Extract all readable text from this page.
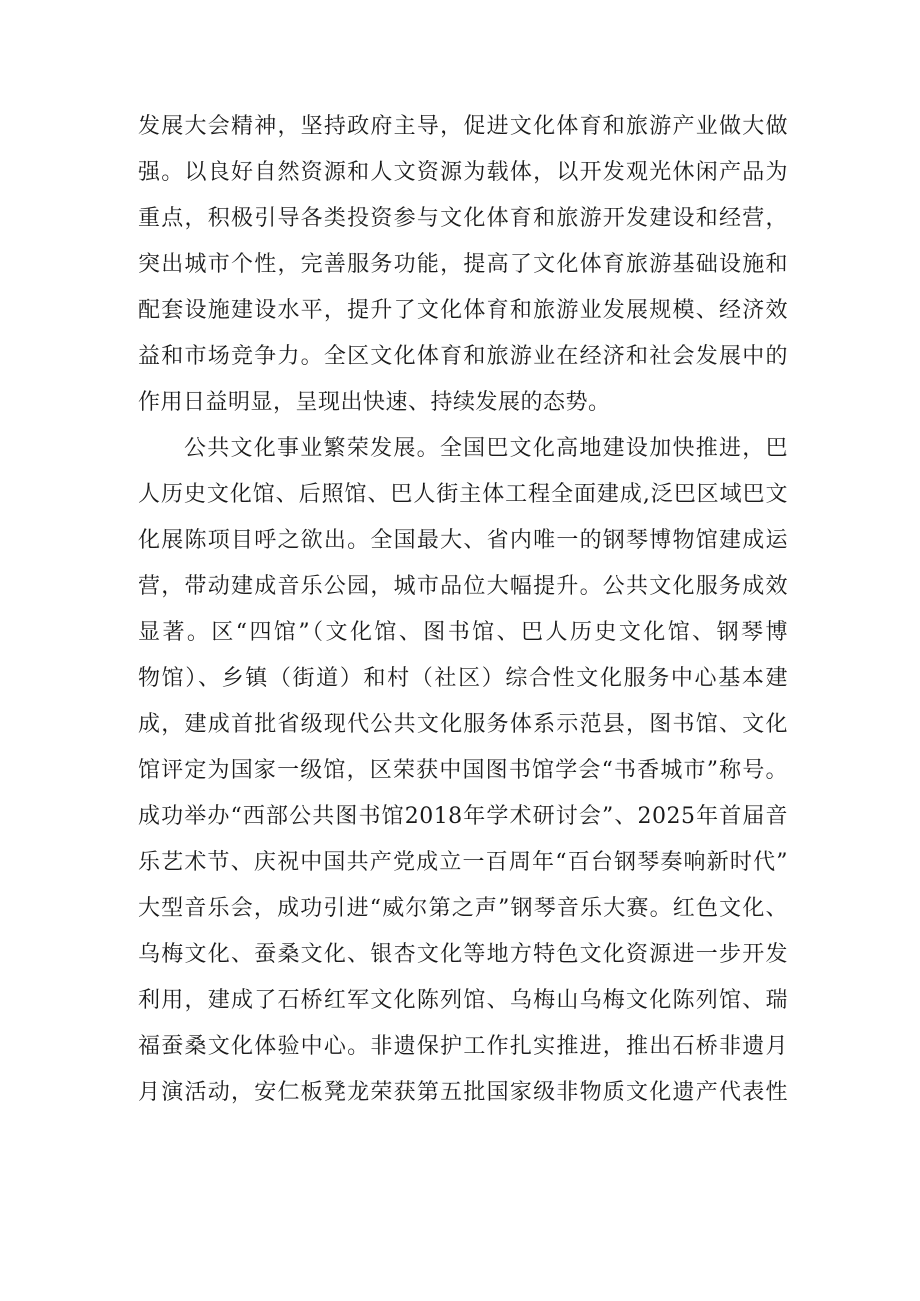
发展大会精神，坚持政府主导，促进文化体育和旅游产业做大做
强。以良好自然资源和人文资源为载体，以开发观光休闲产品为
重点，积极引导各类投资参与文化体育和旅游开发建设和经营，
突出城市个性，完善服务功能，提高了文化体育旅游基础设施和
配套设施建设水平，提升了文化体育和旅游业发展规模、经济效
益和市场竞争力。全区文化体育和旅游业在经济和社会发展中的
作用日益明显，呈现出快速、持续发展的态势。
公共文化事业繁荣发展。全国巴文化高地建设加快推进，巴
人历史文化馆、后照馆、巴人街主体工程全面建成,泛巴区域巴文
化展陈项目呼之欲出。全国最大、省内唯一的钢琴博物馆建成运
营，带动建成音乐公园，城市品位大幅提升。公共文化服务成效
显著。区“四馆”（文化馆、图书馆、巴人历史文化馆、钢琴博
物馆）、乡镇（街道）和村（社区）综合性文化服务中心基本建
成，建成首批省级现代公共文化服务体系示范县，图书馆、文化
馆评定为国家一级馆，区荣获中国图书馆学会“书香城市”称号。
成功举办“西部公共图书馆2018年学术研讨会”、2025年首届音
乐艺术节、庆祝中国共产党成立一百周年“百台钢琴奏响新时代”
大型音乐会，成功引进“威尔第之声”钢琴音乐大赛。红色文化、
乌梅文化、蚕桑文化、银杏文化等地方特色文化资源进一步开发
利用，建成了石桥红军文化陈列馆、乌梅山乌梅文化陈列馆、瑞
福蚕桑文化体验中心。非遗保护工作扎实推进，推出石桥非遗月
月演活动，安仁板凳龙荣获第五批国家级非物质文化遗产代表性
